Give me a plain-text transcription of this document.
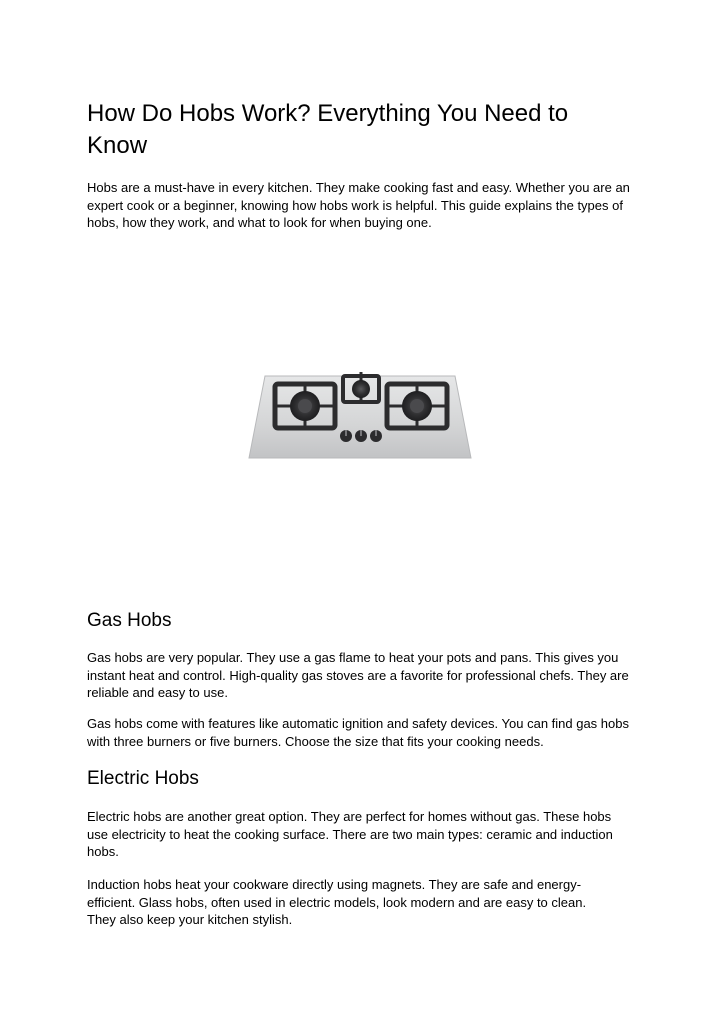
How Do Hobs Work? Everything You Need to Know

Hobs are a must-have in every kitchen. They make cooking fast and easy. Whether you are an expert cook or a beginner, knowing how hobs work is helpful. This guide explains the types of hobs, how they work, and what to look for when buying one.

Gas Hobs

Gas hobs are very popular. They use a gas flame to heat your pots and pans. This gives you instant heat and control. High-quality gas stoves are a favorite for professional chefs. They are reliable and easy to use.

Gas hobs come with features like automatic ignition and safety devices. You can find gas hobs with three burners or five burners. Choose the size that fits your cooking needs.

Electric Hobs

Electric hobs are another great option. They are perfect for homes without gas. These hobs use electricity to heat the cooking surface. There are two main types: ceramic and induction hobs.

Induction hobs heat your cookware directly using magnets. They are safe and energy-efficient. Glass hobs, often used in electric models, look modern and are easy to clean. They also keep your kitchen stylish.
